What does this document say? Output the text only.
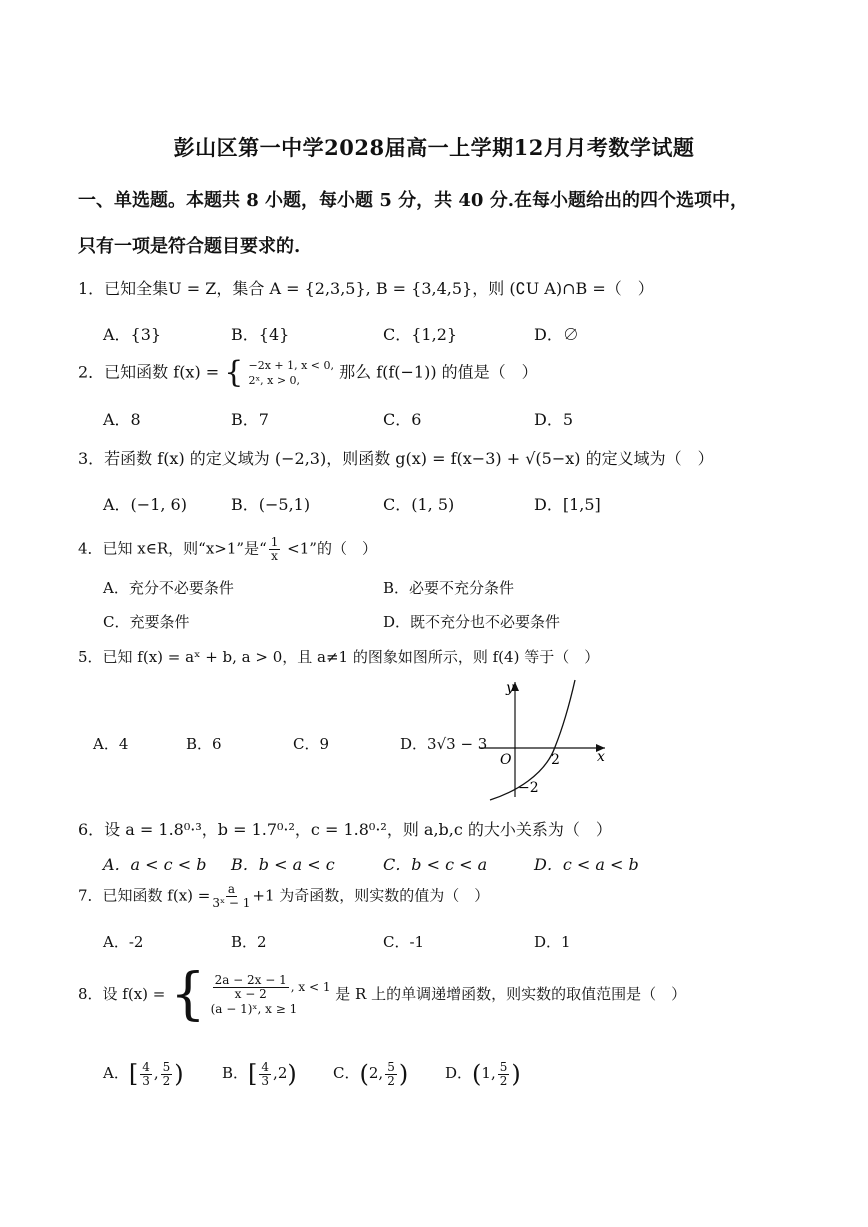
彭山区第一中学2028届高一上学期12月月考数学试题
一、单选题。本题共 8 小题，每小题 5 分，共 40 分.在每小题给出的四个选项中，
只有一项是符合题目要求的.
1．已知全集U = Z，集合 A = {2,3,5}, B = {3,4,5}，则 (∁U A)∩B =（　）
A．{3}	B．{4}	C．{1,2}	D．∅
2．已知函数 f(x) = { −2x + 1, x < 0,
2ˣ, x > 0,	那么 f(f(−1)) 的值是（　）
A．8	B．7	C．6	D．5
3．若函数 f(x) 的定义域为 (−2,3)，则函数 g(x) = f(x−3) + √(5−x) 的定义域为（　）
A．(−1, 6)	B．(−5,1)	C．(1, 5)	D．[1,5]
4．已知 x∈R，则“x>1”是“ $\frac{1}{x} <1$”的（　）
A．充分不必要条件	B．必要不充分条件
C．充要条件	D．既不充分也不必要条件
5．已知 f(x) = aˣ + b, a > 0，且 a≠1 的图象如图所示，则 f(4) 等于（　）
A．4	B．6	C．9	D．3√3 − 3
y
x
O	2
−2
6．设 a = 1.8⁰·³，b = 1.7⁰·²，c = 1.8⁰·²，则 a,b,c 的大小关系为（　）
A．a < c < b B．b < a < c	C．b < c < a	D．c < a < b
7．已知函数 $f(x) = \frac{a}{\text{3ˣ − 1}} +1$ 为奇函数，则实数的值为（　）
A．-2	B．2	C．-1	D．1
8．设 f(x) = { $\frac{2a - 2x - 1}{x - 2}$ , x < 1
(a − 1)ˣ, x ≥ 1
是 R 上的单调递增函数，则实数的取值范围是（　）
A．[ $\frac{4}{3}$ , $\frac{5}{2}$ )	B．[ $\frac{4}{3} ,2$) C．(2, $\frac{5}{2}$ ) D．(1, $\frac{5}{2}$ )
